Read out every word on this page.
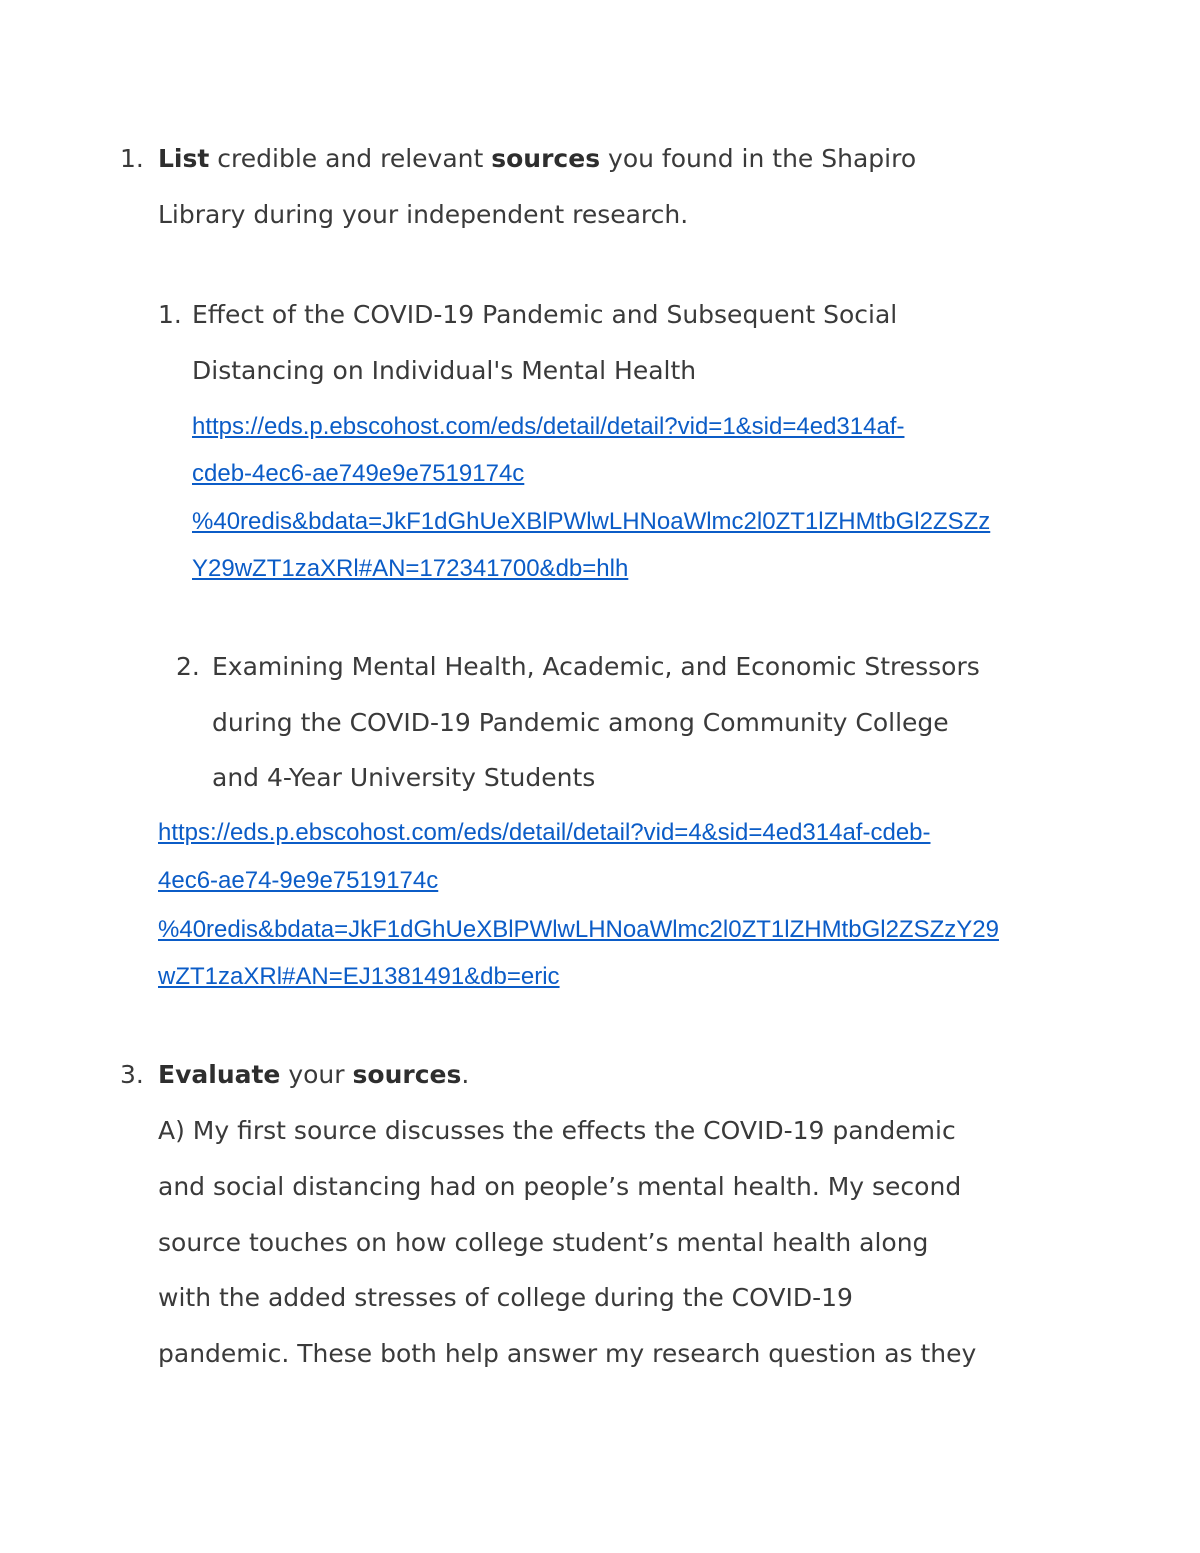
1. List credible and relevant sources you found in the Shapiro
Library during your independent research.
1. Effect of the COVID-19 Pandemic and Subsequent Social
Distancing on Individual's Mental Health
https://eds.p.ebscohost.com/eds/detail/detail?vid=1&sid=4ed314af-
cdeb-4ec6-ae749e9e7519174c
%40redis&bdata=JkF1dGhUeXBlPWlwLHNoaWlmc2l0ZT1lZHMtbGl2ZSZz
Y29wZT1zaXRl#AN=172341700&db=hlh
2. Examining Mental Health, Academic, and Economic Stressors
during the COVID-19 Pandemic among Community College
and 4-Year University Students
https://eds.p.ebscohost.com/eds/detail/detail?vid=4&sid=4ed314af-cdeb-
4ec6-ae74-9e9e7519174c
%40redis&bdata=JkF1dGhUeXBlPWlwLHNoaWlmc2l0ZT1lZHMtbGl2ZSZzY29
wZT1zaXRl#AN=EJ1381491&db=eric
3. Evaluate your sources.
A) My first source discusses the effects the COVID-19 pandemic
and social distancing had on people’s mental health. My second
source touches on how college student’s mental health along
with the added stresses of college during the COVID-19
pandemic. These both help answer my research question as they
